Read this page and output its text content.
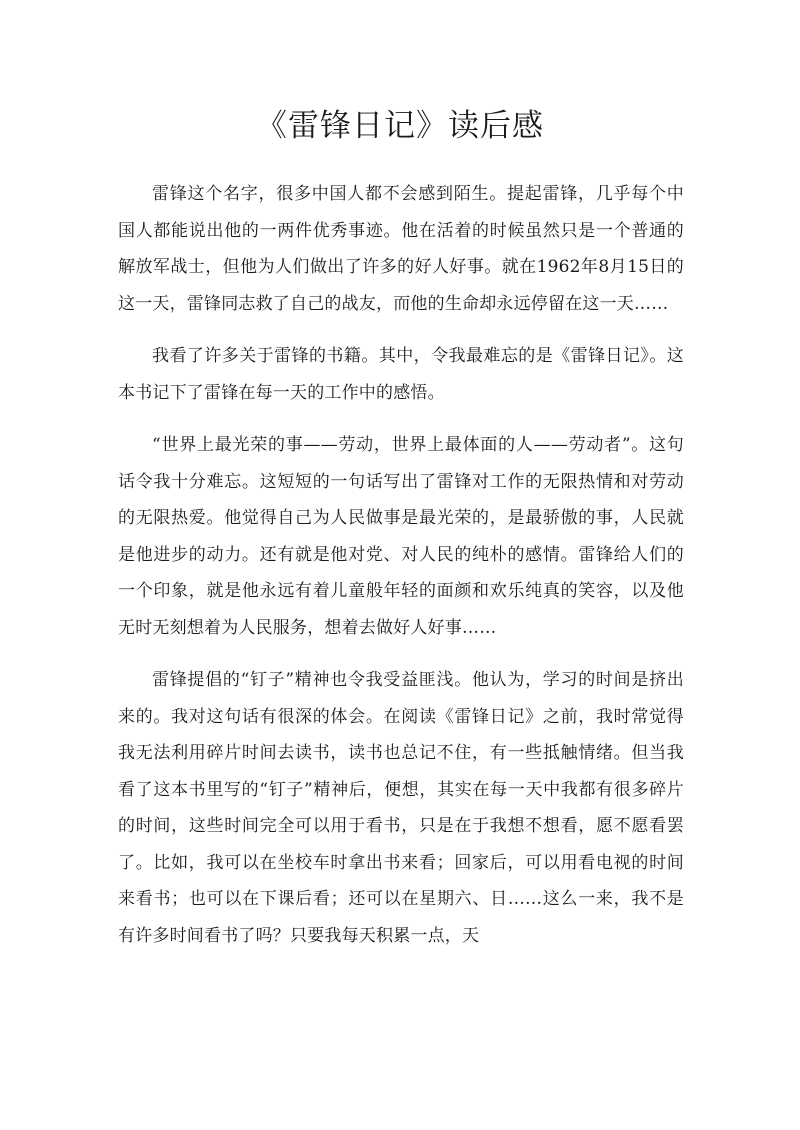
《雷锋日记》读后感

雷锋这个名字，很多中国人都不会感到陌生。提起雷锋，几乎每个中国人都能说出他的一两件优秀事迹。他在活着的时候虽然只是一个普通的解放军战士，但他为人们做出了许多的好人好事。就在1962年8月15日的这一天，雷锋同志救了自己的战友，而他的生命却永远停留在这一天……

我看了许多关于雷锋的书籍。其中，令我最难忘的是《雷锋日记》。这本书记下了雷锋在每一天的工作中的感悟。

“世界上最光荣的事——劳动，世界上最体面的人——劳动者”。这句话令我十分难忘。这短短的一句话写出了雷锋对工作的无限热情和对劳动的无限热爱。他觉得自己为人民做事是最光荣的，是最骄傲的事，人民就是他进步的动力。还有就是他对党、对人民的纯朴的感情。雷锋给人们的一个印象，就是他永远有着儿童般年轻的面颜和欢乐纯真的笑容，以及他无时无刻想着为人民服务，想着去做好人好事……

雷锋提倡的“钉子”精神也令我受益匪浅。他认为，学习的时间是挤出来的。我对这句话有很深的体会。在阅读《雷锋日记》之前，我时常觉得我无法利用碎片时间去读书，读书也总记不住，有一些抵触情绪。但当我看了这本书里写的“钉子”精神后，便想，其实在每一天中我都有很多碎片的时间，这些时间完全可以用于看书，只是在于我想不想看，愿不愿看罢了。比如，我可以在坐校车时拿出书来看；回家后，可以用看电视的时间来看书；也可以在下课后看；还可以在星期六、日……这么一来，我不是有许多时间看书了吗？只要我每天积累一点，天
